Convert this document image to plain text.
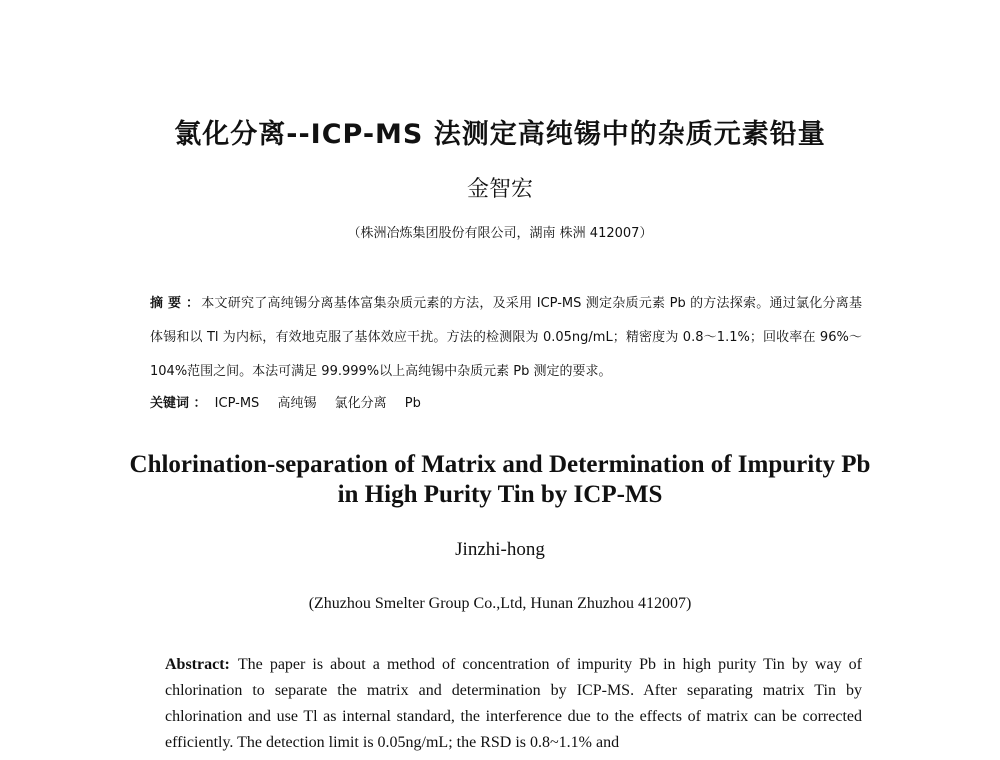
氯化分离--ICP-MS 法测定高纯锡中的杂质元素铅量
金智宏
（株洲冶炼集团股份有限公司，湖南 株洲 412007）
摘 要 ： 本文研究了高纯锡分离基体富集杂质元素的方法，及采用 ICP-MS 测定杂质元素 Pb 的方法探索。通过氯化分离基体锡和以 Tl 为内标，有效地克服了基体效应干扰。方法的检测限为 0.05ng/mL；精密度为 0.8～1.1%；回收率在 96%～104%范围之间。本法可满足 99.999%以上高纯锡中杂质元素 Pb 测定的要求。
关键词 ： ICP-MS 高纯锡 氯化分离 Pb
Chlorination-separation of Matrix and Determination of Impurity Pb
in High Purity Tin by ICP-MS
Jinzhi-hong
(Zhuzhou Smelter Group Co.,Ltd, Hunan Zhuzhou 412007)
Abstract: The paper is about a method of concentration of impurity Pb in high purity Tin by way of chlorination to separate the matrix and determination by ICP-MS. After separating matrix Tin by chlorination and use Tl as internal standard, the interference due to the effects of matrix can be corrected efficiently. The detection limit is 0.05ng/mL; the RSD is 0.8~1.1% and
